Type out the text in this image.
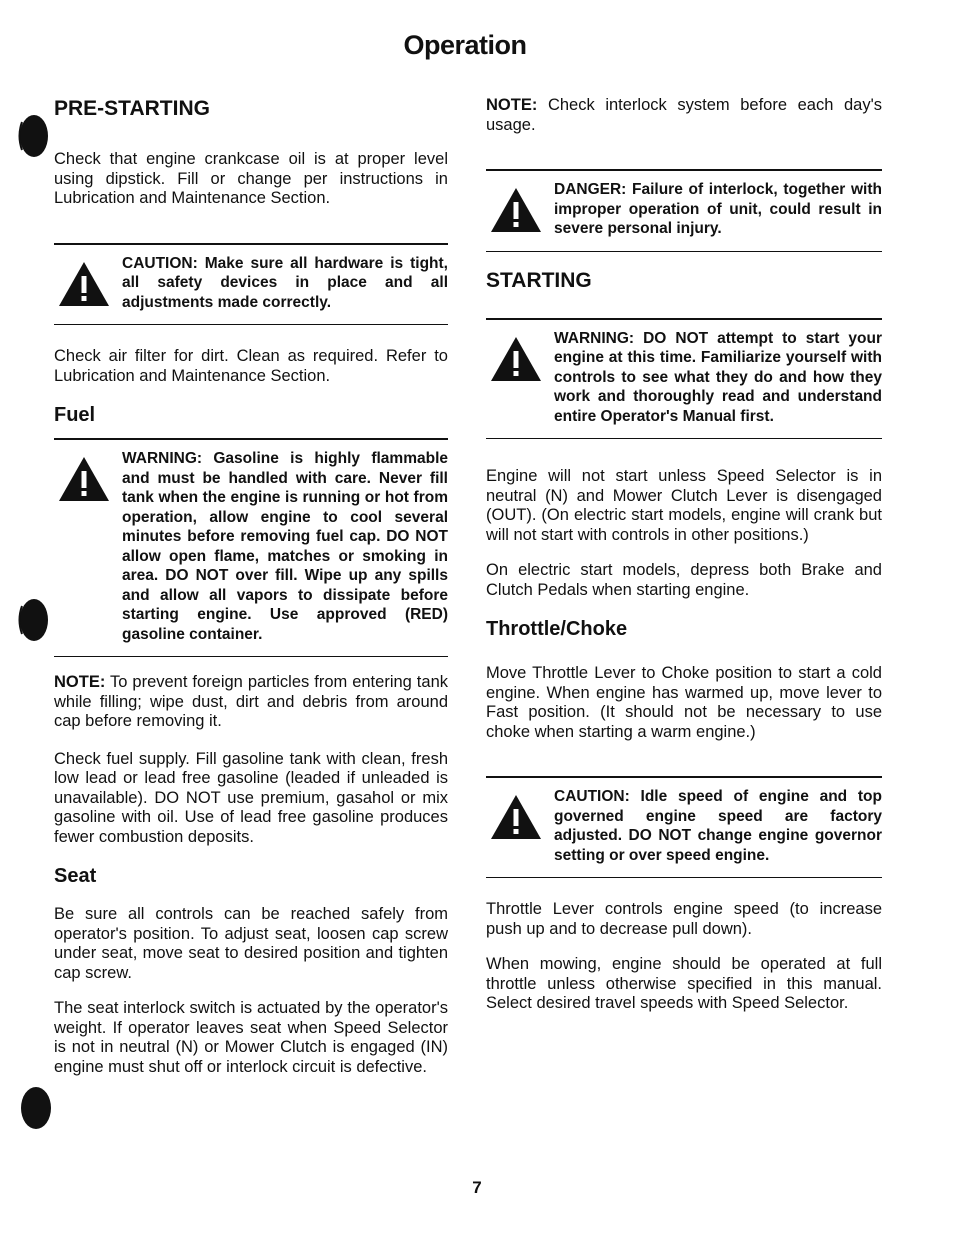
Operation
PRE-STARTING

Check that engine crankcase oil is at proper level using dipstick. Fill or change per instructions in Lubrication and Maintenance Section.

CAUTION: Make sure all hardware is tight, all safety devices in place and all adjustments made correctly.

Check air filter for dirt. Clean as required. Refer to Lubrication and Maintenance Section.

Fuel
WARNING: Gasoline is highly flammable and must be handled with care. Never fill tank when the engine is running or hot from operation, allow engine to cool several minutes before removing fuel cap. DO NOT allow open flame, matches or smoking in area. DO NOT over fill. Wipe up any spills and allow all vapors to dissipate before starting engine. Use approved (RED) gasoline container.

NOTE: To prevent foreign particles from entering tank while filling; wipe dust, dirt and debris from around cap before removing it.

Check fuel supply. Fill gasoline tank with clean, fresh low lead or lead free gasoline (leaded if unleaded is unavailable). DO NOT use premium, gasahol or mix gasoline with oil. Use of lead free gasoline produces fewer combustion deposits.

Seat

Be sure all controls can be reached safely from operator's position. To adjust seat, loosen cap screw under seat, move seat to desired position and tighten cap screw.

The seat interlock switch is actuated by the operator's weight. If operator leaves seat when Speed Selector is not in neutral (N) or Mower Clutch is engaged (IN) engine must shut off or interlock circuit is defective.

NOTE: Check interlock system before each day's usage.

DANGER: Failure of interlock, together with improper operation of unit, could result in severe personal injury.
STARTING
WARNING: DO NOT attempt to start your engine at this time. Familiarize yourself with controls to see what they do and how they work and thoroughly read and understand entire Operator's Manual first.

Engine will not start unless Speed Selector is in neutral (N) and Mower Clutch Lever is disengaged (OUT). (On electric start models, engine will crank but will not start with controls in other positions.)

On electric start models, depress both Brake and Clutch Pedals when starting engine.

Throttle/Choke

Move Throttle Lever to Choke position to start a cold engine. When engine has warmed up, move lever to Fast position. (It should not be necessary to use choke when starting a warm engine.)

CAUTION: Idle speed of engine and top governed engine speed are factory adjusted. DO NOT change engine governor setting or over speed engine.

Throttle Lever controls engine speed (to increase push up and to decrease pull down).

When mowing, engine should be operated at full throttle unless otherwise specified in this manual. Select desired travel speeds with Speed Selector.

7
